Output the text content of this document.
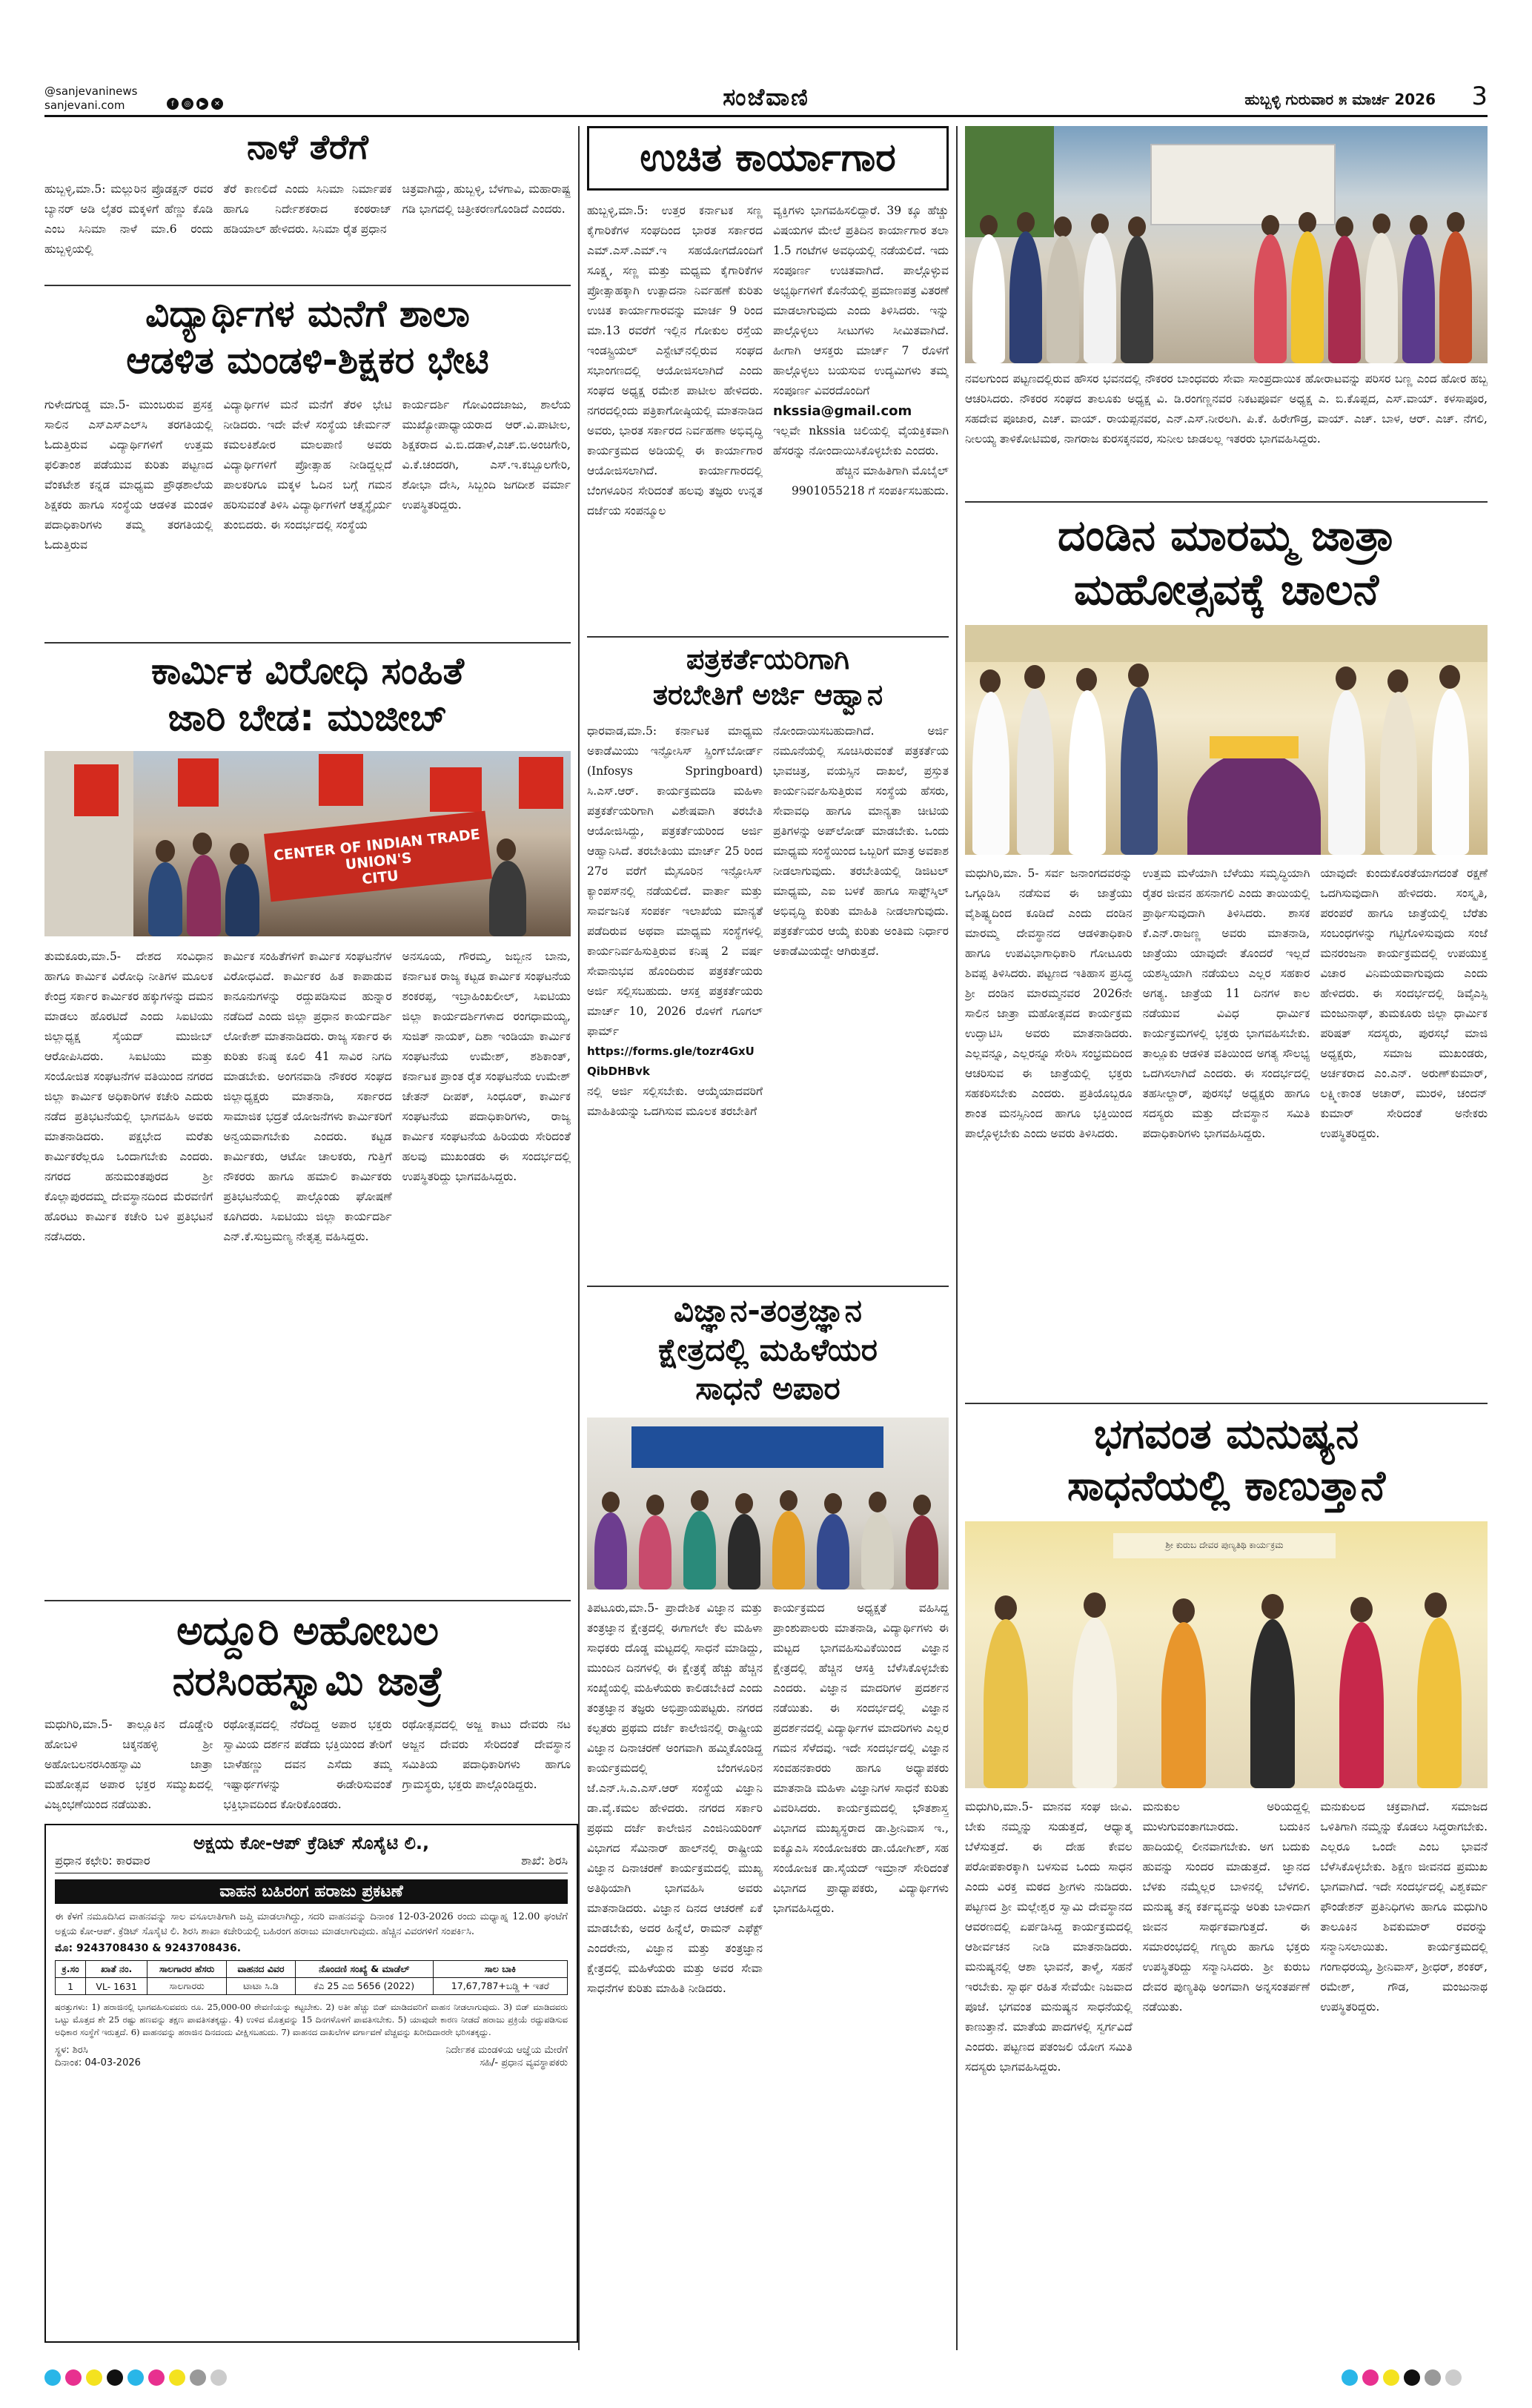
@sanjevaninews
sanjevani.com	f	◎	▶	✕	ಸಂಜೆವಾಣಿ	ಹುಬ್ಬಳ್ಳಿ ಗುರುವಾರ ೫ ಮಾರ್ಚ 2026 3
ನಾಳೆ ತೆರೆಗೆ

ಹುಬ್ಬಳ್ಳಿ,ಮಾ.5: ಮಲ್ಲುರಿನ ಪ್ರೊಡಕ್ಷನ್ ರವರ ಬ್ಯಾನರ್ ಅಡಿ ಲೈತರ ಮಕ್ಕಳಿಗೆ ಹೆಣ್ಣು ಕೊಡಿ ಎಂಬ ಸಿನಿಮಾ ನಾಳೆ ಮಾ.6 ರಂದು ಹುಬ್ಬಳ್ಳಿಯಲ್ಲಿ

ತೆರೆ ಕಾಣಲಿದೆ ಎಂದು ಸಿನಿಮಾ ನಿರ್ಮಾಪಕ ಹಾಗೂ ನಿರ್ದೇಶಕರಾದ ಕಂಠರಾಜ್ ಹಡಿಯಾಲ್ ಹೇಳಿದರು. ಸಿನಿಮಾ ರೈತ ಪ್ರಧಾನ

ಚಿತ್ರವಾಗಿದ್ದು, ಹುಬ್ಬಳ್ಳಿ, ಬೆಳಗಾವಿ, ಮಹಾರಾಷ್ಟ್ರ ಗಡಿ ಭಾಗದಲ್ಲಿ ಚಿತ್ರೀಕರಣಗೊಂಡಿದೆ ಎಂದರು.

ವಿದ್ಯಾರ್ಥಿಗಳ ಮನೆಗೆ ಶಾಲಾ
ಆಡಳಿತ ಮಂಡಳಿ-ಶಿಕ್ಷಕರ ಭೇಟಿ

ಗುಳೇದಗುಡ್ಡ ಮಾ.5- ಮುಂಬರುವ ಪ್ರಸಕ್ತ ಸಾಲಿನ ಎಸ್‌ಎಸ್‌ಎಲ್‌ಸಿ ತರಗತಿಯಲ್ಲಿ ಓದುತ್ತಿರುವ ವಿದ್ಯಾರ್ಥಿಗಳಿಗೆ ಉತ್ತಮ ಫಲಿತಾಂಶ ಪಡೆಯುವ ಕುರಿತು ಪಟ್ಟಣದ ವೆಂಕಟೇಶ ಕನ್ನಡ ಮಾಧ್ಯಮ ಪ್ರೌಢಶಾಲೆಯ ಶಿಕ್ಷಕರು ಹಾಗೂ ಸಂಸ್ಥೆಯ ಆಡಳಿತ ಮಂಡಳಿ ಪದಾಧಿಕಾರಿಗಳು ತಮ್ಮ ತರಗತಿಯಲ್ಲಿ ಓದುತ್ತಿರುವ

ವಿದ್ಯಾರ್ಥಿಗಳ ಮನೆ ಮನೆಗೆ ತೆರಳಿ ಭೇಟಿ ನೀಡಿದರು. ಇದೇ ವೇಳೆ ಸಂಸ್ಥೆಯ ಚೇರ್ಮನ್ ಕಮಲಕಿಶೋರ ಮಾಲಪಾಣಿ ಅವರು ವಿದ್ಯಾರ್ಥಿಗಳಿಗೆ ಪ್ರೋತ್ಸಾಹ ನೀಡಿದ್ದಲ್ಲದೆ ಪಾಲಕರಿಗೂ ಮಕ್ಕಳ ಓದಿನ ಬಗ್ಗೆ ಗಮನ ಹರಿಸುವಂತೆ ತಿಳಿಸಿ ವಿದ್ಯಾರ್ಥಿಗಳಿಗೆ ಆತ್ಮಸ್ಥೈರ್ಯ ತುಂಬಿದರು. ಈ ಸಂದರ್ಭದಲ್ಲಿ ಸಂಸ್ಥೆಯ

ಕಾರ್ಯದರ್ಶಿ ಗೋವಿಂದಜಾಜು, ಶಾಲೆಯ ಮುಖ್ಯೋಪಾಧ್ಯಾಯರಾದ ಆರ್.ವಿ.ಪಾಟೀಲ, ಶಿಕ್ಷಕರಾದ ವಿ.ಬಿ.ದಡಾಳೆ,ಎಚ್.ಬಿ.ಅಂಚಿಗೇರಿ, ವಿ.ಕೆ.ಚಂದರಗಿ, ಎಸ್.ಇ.ಕಬ್ಬೂಲಗೇರಿ, ಶೋಭಾ ದೇಸಿ, ಸಿಬ್ಬಂದಿ ಜಗದೀಶ ವರ್ಮಾ ಉಪಸ್ಥಿತರಿದ್ದರು.

ಕಾರ್ಮಿಕ ವಿರೋಧಿ ಸಂಹಿತೆ
ಜಾರಿ ಬೇಡ: ಮುಜೀಬ್
CENTER OF INDIAN TRADE UNION'S
CITU

ತುಮಕೂರು,ಮಾ.5- ದೇಶದ ಸಂವಿಧಾನ ಹಾಗೂ ಕಾರ್ಮಿಕ ವಿರೋಧಿ ನೀತಿಗಳ ಮೂಲಕ ಕೇಂದ್ರ ಸರ್ಕಾರ ಕಾರ್ಮಿಕರ ಹಕ್ಕುಗಳನ್ನು ದಮನ ಮಾಡಲು ಹೊರಟಿದೆ ಎಂದು ಸಿಐಟಿಯು ಜಿಲ್ಲಾಧ್ಯಕ್ಷ ಸೈಯದ್ ಮುಜೀಬ್ ಆರೋಪಿಸಿದರು. ಸಿಐಟಿಯು ಮತ್ತು ಸಂಯೋಜಿತ ಸಂಘಟನೆಗಳ ವತಿಯಿಂದ ನಗರದ ಜಿಲ್ಲಾ ಕಾರ್ಮಿಕ ಅಧಿಕಾರಿಗಳ ಕಚೇರಿ ಎದುರು ನಡೆದ ಪ್ರತಿಭಟನೆಯಲ್ಲಿ ಭಾಗವಹಿಸಿ ಅವರು ಮಾತನಾಡಿದರು. ಪಕ್ಷಭೇದ ಮರೆತು ಕಾರ್ಮಿಕರೆಲ್ಲರೂ ಒಂದಾಗಬೇಕು ಎಂದರು. ನಗರದ ಹನುಮಂತಪುರದ ಶ್ರೀ ಕೊಲ್ಲಾಪುರದಮ್ಮ ದೇವಸ್ಥಾನದಿಂದ ಮೆರವಣಿಗೆ ಹೊರಟು ಕಾರ್ಮಿಕ ಕಚೇರಿ ಬಳಿ ಪ್ರತಿಭಟನೆ ನಡೆಸಿದರು.

ಕಾರ್ಮಿಕ ಸಂಹಿತೆಗಳಿಗೆ ಕಾರ್ಮಿಕ ಸಂಘಟನೆಗಳ ವಿರೋಧವಿದೆ. ಕಾರ್ಮಿಕರ ಹಿತ ಕಾಪಾಡುವ ಕಾನೂನುಗಳನ್ನು ರದ್ದುಪಡಿಸುವ ಹುನ್ನಾರ ನಡೆದಿದೆ ಎಂದು ಜಿಲ್ಲಾ ಪ್ರಧಾನ ಕಾರ್ಯದರ್ಶಿ ಲೋಕೇಶ್ ಮಾತನಾಡಿದರು. ರಾಜ್ಯ ಸರ್ಕಾರ ಈ ಕುರಿತು ಕನಿಷ್ಠ ಕೂಲಿ 41 ಸಾವಿರ ನಿಗದಿ ಮಾಡಬೇಕು. ಅಂಗನವಾಡಿ ನೌಕರರ ಸಂಘದ ಜಿಲ್ಲಾಧ್ಯಕ್ಷರು ಮಾತನಾಡಿ, ಸರ್ಕಾರದ ಸಾಮಾಜಿಕ ಭದ್ರತೆ ಯೋಜನೆಗಳು ಕಾರ್ಮಿಕರಿಗೆ ಅನ್ವಯವಾಗಬೇಕು ಎಂದರು. ಕಟ್ಟಡ ಕಾರ್ಮಿಕರು, ಆಟೋ ಚಾಲಕರು, ಗುತ್ತಿಗೆ ನೌಕರರು ಹಾಗೂ ಹಮಾಲಿ ಕಾರ್ಮಿಕರು ಪ್ರತಿಭಟನೆಯಲ್ಲಿ ಪಾಲ್ಗೊಂಡು ಘೋಷಣೆ ಕೂಗಿದರು. ಸಿಐಟಿಯು ಜಿಲ್ಲಾ ಕಾರ್ಯದರ್ಶಿ ಎನ್.ಕೆ.ಸುಬ್ರಮಣ್ಯ ನೇತೃತ್ವ ವಹಿಸಿದ್ದರು.

ಅನಸೂಯ, ಗೌರಮ್ಮ, ಜಬ್ಬೀನ ಬಾನು, ಕರ್ನಾಟಕ ರಾಜ್ಯ ಕಟ್ಟಡ ಕಾರ್ಮಿಕ ಸಂಘಟನೆಯ ಶಂಕರಪ್ಪ, ಇಬ್ರಾಹಿಂಖಲೀಲ್, ಸಿಐಟಿಯು ಜಿಲ್ಲಾ ಕಾರ್ಯದರ್ಶಿಗಳಾದ ರಂಗಧಾಮಯ್ಯ, ಸುಜಿತ್ ನಾಯಕ್, ದಿಶಾ ಇಂಡಿಯಾ ಕಾರ್ಮಿಕ ಸಂಘಟನೆಯ ಉಮೇಶ್, ಶಶಿಕಾಂತ್, ಕರ್ನಾಟಕ ಪ್ರಾಂತ ರೈತ ಸಂಘಟನೆಯ ಉಮೇಶ್ ಚೇತನ್ ದೀಪಕ್, ಸಿಂಧೂರ್, ಕಾರ್ಮಿಕ ಸಂಘಟನೆಯ ಪದಾಧಿಕಾರಿಗಳು, ರಾಜ್ಯ ಕಾರ್ಮಿಕ ಸಂಘಟನೆಯ ಹಿರಿಯರು ಸೇರಿದಂತೆ ಹಲವು ಮುಖಂಡರು ಈ ಸಂದರ್ಭದಲ್ಲಿ ಉಪಸ್ಥಿತರಿದ್ದು ಭಾಗವಹಿಸಿದ್ದರು.

ಅದ್ದೂರಿ ಅಹೋಬಲ
ನರಸಿಂಹಸ್ವಾಮಿ ಜಾತ್ರೆ

ಮಧುಗಿರಿ,ಮಾ.5- ತಾಲ್ಲೂಕಿನ ದೊಡ್ಡೇರಿ ಹೋಬಳಿ ಚಿಕ್ಕನಹಳ್ಳಿ ಶ್ರೀ ಅಹೋಬಲನರಸಿಂಹಸ್ವಾಮಿ ಜಾತ್ರಾ ಮಹೋತ್ಸವ ಅಪಾರ ಭಕ್ತರ ಸಮ್ಮುಖದಲ್ಲಿ ವಿಜೃಂಭಣೆಯಿಂದ ನಡೆಯಿತು.

ರಥೋತ್ಸವದಲ್ಲಿ ನೆರೆದಿದ್ದ ಅಪಾರ ಭಕ್ತರು ಸ್ವಾಮಿಯ ದರ್ಶನ ಪಡೆದು ಭಕ್ತಿಯಿಂದ ತೇರಿಗೆ ಬಾಳೆಹಣ್ಣು ದವನ ಎಸೆದು ತಮ್ಮ ಇಷ್ಟಾರ್ಥಗಳನ್ನು ಈಡೇರಿಸುವಂತೆ ಭಕ್ತಿಭಾವದಿಂದ ಕೋರಿಕೊಂಡರು.

ರಥೋತ್ಸವದಲ್ಲಿ ಅಜ್ಜ ಕಾಟು ದೇವರು ನಟ ಅಜ್ಜನ ದೇವರು ಸೇರಿದಂತೆ ದೇವಸ್ಥಾನ ಸಮಿತಿಯ ಪದಾಧಿಕಾರಿಗಳು ಹಾಗೂ ಗ್ರಾಮಸ್ಥರು, ಭಕ್ತರು ಪಾಲ್ಗೊಂಡಿದ್ದರು.

ಅಕ್ಷಯ ಕೋ-ಆಪ್ ಕ್ರೆಡಿಟ್ ಸೊಸೈಟಿ ಲಿ.,
ಪ್ರಧಾನ ಕಛೇರಿ: ಕಾರವಾರ	ಶಾಖೆ: ಶಿರಸಿ
ವಾಹನ ಬಹಿರಂಗ ಹರಾಜು ಪ್ರಕಟಣೆ
ಈ ಕೆಳಗೆ ನಮೂದಿಸಿದ ವಾಹನವನ್ನು ಸಾಲ ವಸೂಲಾತಿಗಾಗಿ ಜಪ್ತಿ ಮಾಡಲಾಗಿದ್ದು, ಸದರಿ ವಾಹನವನ್ನು ದಿನಾಂಕ 12-03-2026 ರಂದು ಮಧ್ಯಾಹ್ನ 12.00 ಘಂಟೆಗೆ ಅಕ್ಷಯ ಕೋ-ಆಪ್. ಕ್ರೆಡಿಟ್ ಸೊಸೈಟಿ ಲಿ. ಶಿರಸಿ ಶಾಖಾ ಕಚೇರಿಯಲ್ಲಿ ಬಹಿರಂಗ ಹರಾಜು ಮಾಡಲಾಗುವುದು. ಹೆಚ್ಚಿನ ವಿವರಗಳಿಗೆ ಸಂಪರ್ಕಿಸಿ.
ಮೊ: 9243708430 & 9243708436.
ಕ್ರ.ಸಂ	ಖಾತೆ ನಂ.	ಸಾಲಗಾರರ ಹೆಸರು	ವಾಹನದ ವಿವರ	ನೊಂದಣಿ ಸಂಖ್ಯೆ & ಮಾಡೆಲ್	ಸಾಲ ಬಾಕಿ
1	VL- 1631	ಸಾಲಗಾರರು	ಟಾಟಾ ಸಿ.ಡಿ	ಕೆಎ 25 ಎಬಿ 5656 (2022)	17,67,787+ಬಡ್ಡಿ + ಇತರೆ
ಷರತ್ತುಗಳು: 1) ಹರಾಜಿನಲ್ಲಿ ಭಾಗವಹಿಸುವವರು ರೂ. 25,000-00 ಠೇವಣಿಯನ್ನು ಕಟ್ಟಬೇಕು. 2) ಅತೀ ಹೆಚ್ಚು ಬಿಡ್ ಮಾಡಿದವರಿಗೆ ವಾಹನ ನೀಡಲಾಗುವುದು. 3) ಬಿಡ್ ಮಾಡಿದವರು ಒಟ್ಟು ಮೊತ್ತದ ಶೇ 25 ರಷ್ಟು ಹಣವನ್ನು ತಕ್ಷಣ ಪಾವತಿಸತಕ್ಕದ್ದು. 4) ಉಳಿದ ಮೊತ್ತವನ್ನು 15 ದಿನಗಳೊಳಗೆ ಪಾವತಿಸಬೇಕು. 5) ಯಾವುದೇ ಕಾರಣ ನೀಡದೆ ಹರಾಜು ಪ್ರಕ್ರಿಯೆ ರದ್ದುಪಡಿಸುವ ಅಧಿಕಾರ ಸಂಸ್ಥೆಗೆ ಇರುತ್ತದೆ. 6) ವಾಹನವನ್ನು ಹರಾಜಿನ ದಿನದಂದು ವೀಕ್ಷಿಸಬಹುದು. 7) ವಾಹನದ ದಾಖಲೆಗಳ ವರ್ಗಾವಣೆ ವೆಚ್ಚವನ್ನು ಖರೀದಿದಾರರೇ ಭರಿಸತಕ್ಕದ್ದು.
ಸ್ಥಳ: ಶಿರಸಿ	ನಿರ್ದೇಶಕ ಮಂಡಳಿಯ ಆಜ್ಞೆಯ ಮೇರೆಗೆ
ದಿನಾಂಕ: 04-03-2026	ಸಹಿ/- ಪ್ರಧಾನ ವ್ಯವಸ್ಥಾಪಕರು
ಉಚಿತ ಕಾರ್ಯಾಗಾರ

ಹುಬ್ಬಳ್ಳಿ,ಮಾ.5: ಉತ್ತರ ಕರ್ನಾಟಕ ಸಣ್ಣ ಕೈಗಾರಿಕೆಗಳ ಸಂಘದಿಂದ ಭಾರತ ಸರ್ಕಾರದ ಎಮ್.ಎಸ್.ಎಮ್.ಇ ಸಹಯೋಗದೊಂದಿಗೆ ಸೂಕ್ಷ್ಮ, ಸಣ್ಣ ಮತ್ತು ಮಧ್ಯಮ ಕೈಗಾರಿಕೆಗಳ ಪ್ರೋತ್ಸಾಹಕ್ಕಾಗಿ ಉತ್ಪಾದನಾ ನಿರ್ವಹಣೆ ಕುರಿತು ಉಚಿತ ಕಾರ್ಯಾಗಾರವನ್ನು ಮಾರ್ಚ 9 ರಿಂದ ಮಾ.13 ರವರೆಗೆ ಇಲ್ಲಿನ ಗೋಕುಲ ರಸ್ತೆಯ ಇಂಡಸ್ಟ್ರಿಯಲ್ ಎಸ್ಟೇಟ್‌ನಲ್ಲಿರುವ ಸಂಘದ ಸಭಾಂಗಣದಲ್ಲಿ ಆಯೋಜಿಸಲಾಗಿದೆ ಎಂದು ಸಂಘದ ಅಧ್ಯಕ್ಷ ರಮೇಶ ಪಾಟೀಲ ಹೇಳಿದರು. ನಗರದಲ್ಲಿಂದು ಪತ್ರಿಕಾಗೋಷ್ಠಿಯಲ್ಲಿ ಮಾತನಾಡಿದ ಅವರು, ಭಾರತ ಸರ್ಕಾರದ ನಿರ್ವಹಣಾ ಅಭಿವೃದ್ಧಿ ಕಾರ್ಯಕ್ರಮದ ಅಡಿಯಲ್ಲಿ ಈ ಕಾರ್ಯಾಗಾರ ಆಯೋಜಿಸಲಾಗಿದೆ. ಕಾರ್ಯಾಗಾರದಲ್ಲಿ ಬೆಂಗಳೂರಿನ ಸೇರಿದಂತೆ ಹಲವು ತಜ್ಞರು ಉನ್ನತ ದರ್ಜೆಯ ಸಂಪನ್ಮೂಲ

ವ್ಯಕ್ತಿಗಳು ಭಾಗವಹಿಸಲಿದ್ದಾರೆ. 39 ಕ್ಕೂ ಹೆಚ್ಚು ವಿಷಯಗಳ ಮೇಲೆ ಪ್ರತಿದಿನ ಕಾರ್ಯಾಗಾರ ತಲಾ 1.5 ಗಂಟೆಗಳ ಅವಧಿಯಲ್ಲಿ ನಡೆಯಲಿದೆ. ಇದು ಸಂಪೂರ್ಣ ಉಚಿತವಾಗಿದೆ. ಪಾಲ್ಗೊಳ್ಳುವ ಅಭ್ಯರ್ಥಿಗಳಿಗೆ ಕೊನೆಯಲ್ಲಿ ಪ್ರಮಾಣಪತ್ರ ವಿತರಣೆ ಮಾಡಲಾಗುವುದು ಎಂದು ತಿಳಿಸಿದರು. ಇನ್ನು ಪಾಲ್ಗೊಳ್ಳಲು ಸೀಟುಗಳು ಸೀಮಿತವಾಗಿದೆ. ಹೀಗಾಗಿ ಆಸಕ್ತರು ಮಾರ್ಚ್ 7 ರೊಳಗೆ ಹಾಲ್ಗೊಳ್ಳಲು ಬಯಸುವ ಉದ್ಯಮಿಗಳು ತಮ್ಮ ಸಂಪೂರ್ಣ ವಿವರದೊಂದಿಗೆ
nkssia@gmail.com
ಇಲ್ಲವೇ nkssia ಚಿಲಿಯಲ್ಲಿ ವೈಯಕ್ತಿಕವಾಗಿ ಹೆಸರನ್ನು ನೋಂದಾಯಿಸಿಕೊಳ್ಳಬೇಕು ಎಂದರು.
ಹೆಚ್ಚಿನ ಮಾಹಿತಿಗಾಗಿ ಮೊಬೈಲ್ 9901055218 ಗೆ ಸಂಪರ್ಕಿಸಬಹುದು.
ಪತ್ರಕರ್ತೆಯರಿಗಾಗಿ
ತರಬೇತಿಗೆ ಅರ್ಜಿ ಆಹ್ವಾನ
ಧಾರವಾಡ,ಮಾ.5: ಕರ್ನಾಟಕ ಮಾಧ್ಯಮ ಅಕಾಡೆಮಿಯು ಇನ್ಫೋಸಿಸ್ ಸ್ಪ್ರಿಂಗ್‌ಬೋರ್ಡ್ (Infosys Springboard) ಸಿ.ಎಸ್.ಆರ್. ಕಾರ್ಯಕ್ರಮದಡಿ ಮಹಿಳಾ ಪತ್ರಕರ್ತೆಯರಿಗಾಗಿ ವಿಶೇಷವಾಗಿ ತರಬೇತಿ ಆಯೋಜಿಸಿದ್ದು, ಪತ್ರಕರ್ತೆಯರಿಂದ ಅರ್ಜಿ ಆಹ್ವಾನಿಸಿದೆ. ತರಬೇತಿಯು ಮಾರ್ಚ್ 25 ರಿಂದ 27ರ ವರೆಗೆ ಮೈಸೂರಿನ ಇನ್ಫೋಸಿಸ್ ಕ್ಯಾಂಪಸ್‌ನಲ್ಲಿ ನಡೆಯಲಿದೆ. ವಾರ್ತಾ ಮತ್ತು ಸಾರ್ವಜನಿಕ ಸಂಪರ್ಕ ಇಲಾಖೆಯ ಮಾನ್ಯತೆ ಪಡೆದಿರುವ ಅಥವಾ ಮಾಧ್ಯಮ ಸಂಸ್ಥೆಗಳಲ್ಲಿ ಕಾರ್ಯನಿರ್ವಹಿಸುತ್ತಿರುವ ಕನಿಷ್ಠ 2 ವರ್ಷ ಸೇವಾನುಭವ ಹೊಂದಿರುವ ಪತ್ರಕರ್ತೆಯರು ಅರ್ಜಿ ಸಲ್ಲಿಸಬಹುದು. ಆಸಕ್ತ ಪತ್ರಕರ್ತೆಯರು ಮಾರ್ಚ್ 10, 2026 ರೊಳಗೆ ಗೂಗಲ್ ಫಾರ್ಮ್
https://forms.gle/tozr4GxUQibDHBvk
ನಲ್ಲಿ ಅರ್ಜಿ ಸಲ್ಲಿಸಬೇಕು. ಆಯ್ಕೆಯಾದವರಿಗೆ ಮಾಹಿತಿಯನ್ನು ಒದಗಿಸುವ ಮೂಲಕ ತರಬೇತಿಗೆ

ನೋಂದಾಯಿಸಬಹುದಾಗಿದೆ. ಅರ್ಜಿ ನಮೂನೆಯಲ್ಲಿ ಸೂಚಿಸಿರುವಂತೆ ಪತ್ರಕರ್ತೆಯ ಭಾವಚಿತ್ರ, ವಯಸ್ಸಿನ ದಾಖಲೆ, ಪ್ರಸ್ತುತ ಕಾರ್ಯನಿರ್ವಹಿಸುತ್ತಿರುವ ಸಂಸ್ಥೆಯ ಹೆಸರು, ಸೇವಾವಧಿ ಹಾಗೂ ಮಾನ್ಯತಾ ಚೀಟಿಯ ಪ್ರತಿಗಳನ್ನು ಅಪ್‌ಲೋಡ್ ಮಾಡಬೇಕು. ಒಂದು ಮಾಧ್ಯಮ ಸಂಸ್ಥೆಯಿಂದ ಒಬ್ಬರಿಗೆ ಮಾತ್ರ ಅವಕಾಶ ನೀಡಲಾಗುವುದು. ತರಬೇತಿಯಲ್ಲಿ ಡಿಜಿಟಲ್ ಮಾಧ್ಯಮ, ಎಐ ಬಳಕೆ ಹಾಗೂ ಸಾಫ್ಟ್‌ಸ್ಕಿಲ್ ಅಭಿವೃದ್ಧಿ ಕುರಿತು ಮಾಹಿತಿ ನೀಡಲಾಗುವುದು. ಪತ್ರಕರ್ತೆಯರ ಆಯ್ಕೆ ಕುರಿತು ಅಂತಿಮ ನಿರ್ಧಾರ ಅಕಾಡೆಮಿಯದ್ದೇ ಆಗಿರುತ್ತದೆ.

ವಿಜ್ಞಾನ-ತಂತ್ರಜ್ಞಾನ
ಕ್ಷೇತ್ರದಲ್ಲಿ ಮಹಿಳೆಯರ
ಸಾಧನೆ ಅಪಾರ

ತಿಪಟೂರು,ಮಾ.5- ಪ್ರಾದೇಶಿಕ ವಿಜ್ಞಾನ ಮತ್ತು ತಂತ್ರಜ್ಞಾನ ಕ್ಷೇತ್ರದಲ್ಲಿ ಈಗಾಗಲೇ ಕೆಲ ಮಹಿಳಾ ಸಾಧಕರು ದೊಡ್ಡ ಮಟ್ಟದಲ್ಲಿ ಸಾಧನೆ ಮಾಡಿದ್ದು, ಮುಂದಿನ ದಿನಗಳಲ್ಲಿ ಈ ಕ್ಷೇತ್ರಕ್ಕೆ ಹೆಚ್ಚು ಹೆಚ್ಚಿನ ಸಂಖ್ಯೆಯಲ್ಲಿ ಮಹಿಳೆಯರು ಕಾಲಿಡಬೇಕಿದೆ ಎಂದು ತಂತ್ರಜ್ಞಾನ ತಜ್ಞರು ಅಭಿಪ್ರಾಯಪಟ್ಟರು. ನಗರದ ಕಲ್ಪತರು ಪ್ರಥಮ ದರ್ಜೆ ಕಾಲೇಜಿನಲ್ಲಿ ರಾಷ್ಟ್ರೀಯ ವಿಜ್ಞಾನ ದಿನಾಚರಣೆ ಅಂಗವಾಗಿ ಹಮ್ಮಿಕೊಂಡಿದ್ದ ಕಾರ್ಯಕ್ರಮದಲ್ಲಿ ಬೆಂಗಳೂರಿನ ಜೆ.ಎನ್.ಸಿ.ಎ.ಎಸ್.ಆರ್ ಸಂಸ್ಥೆಯ ವಿಜ್ಞಾನಿ ಡಾ.ವೈ.ಕಮಲ ಹೇಳಿದರು. ನಗರದ ಸರ್ಕಾರಿ ಪ್ರಥಮ ದರ್ಜೆ ಕಾಲೇಜಿನ ಎಂಜಿನಿಯರಿಂಗ್ ವಿಭಾಗದ ಸೆಮಿನಾರ್ ಹಾಲ್‌ನಲ್ಲಿ ರಾಷ್ಟ್ರೀಯ ವಿಜ್ಞಾನ ದಿನಾಚರಣೆ ಕಾರ್ಯಕ್ರಮದಲ್ಲಿ ಮುಖ್ಯ ಅತಿಥಿಯಾಗಿ ಭಾಗವಹಿಸಿ ಅವರು ಮಾತನಾಡಿದರು. ವಿಜ್ಞಾನ ದಿನದ ಆಚರಣೆ ಏಕೆ ಮಾಡಬೇಕು, ಅದರ ಹಿನ್ನೆಲೆ, ರಾಮನ್ ಎಫೆಕ್ಟ್ ಎಂದರೇನು, ವಿಜ್ಞಾನ ಮತ್ತು ತಂತ್ರಜ್ಞಾನ ಕ್ಷೇತ್ರದಲ್ಲಿ ಮಹಿಳೆಯರು ಮತ್ತು ಅವರ ಸೇವಾ ಸಾಧನೆಗಳ ಕುರಿತು ಮಾಹಿತಿ ನೀಡಿದರು.

ಕಾರ್ಯಕ್ರಮದ ಅಧ್ಯಕ್ಷತೆ ವಹಿಸಿದ್ದ ಪ್ರಾಂಶುಪಾಲರು ಮಾತನಾಡಿ, ವಿದ್ಯಾರ್ಥಿಗಳು ಈ ಮಟ್ಟದ ಭಾಗವಹಿಸುವಿಕೆಯಿಂದ ವಿಜ್ಞಾನ ಕ್ಷೇತ್ರದಲ್ಲಿ ಹೆಚ್ಚಿನ ಆಸಕ್ತಿ ಬೆಳೆಸಿಕೊಳ್ಳಬೇಕು ಎಂದರು. ವಿಜ್ಞಾನ ಮಾದರಿಗಳ ಪ್ರದರ್ಶನ ನಡೆಯಿತು. ಈ ಸಂದರ್ಭದಲ್ಲಿ ವಿಜ್ಞಾನ ಪ್ರದರ್ಶನದಲ್ಲಿ ವಿದ್ಯಾರ್ಥಿಗಳ ಮಾದರಿಗಳು ಎಲ್ಲರ ಗಮನ ಸೆಳೆದವು. ಇದೇ ಸಂದರ್ಭದಲ್ಲಿ ವಿಜ್ಞಾನ ಸಂವಹನಕಾರರು ಹಾಗೂ ಅಧ್ಯಾಪಕರು ಮಾತನಾಡಿ ಮಹಿಳಾ ವಿಜ್ಞಾನಿಗಳ ಸಾಧನೆ ಕುರಿತು ವಿವರಿಸಿದರು. ಕಾರ್ಯಕ್ರಮದಲ್ಲಿ ಭೌತಶಾಸ್ತ್ರ ವಿಭಾಗದ ಮುಖ್ಯಸ್ಥರಾದ ಡಾ.ಶ್ರೀನಿವಾಸ ಇ., ಐಕ್ಯೂಎಸಿ ಸಂಯೋಜಕರು ಡಾ.ಯೋಗೀಶ್, ಸಹ ಸಂಯೋಜಕ ಡಾ.ಸೈಯದ್ ಇಮ್ರಾನ್ ಸೇರಿದಂತೆ ವಿಭಾಗದ ಪ್ರಾಧ್ಯಾಪಕರು, ವಿದ್ಯಾರ್ಥಿಗಳು ಭಾಗವಹಿಸಿದ್ದರು.

ನವಲಗುಂದ ಪಟ್ಟಣದಲ್ಲಿರುವ ಹೌಸರ ಭವನದಲ್ಲಿ ನೌಕರರ ಬಾಂಧವರು ಸೇವಾ ಸಾಂಪ್ರದಾಯಿಕ ಹೋರಾಟವನ್ನು ಪರಿಸರ ಬಣ್ಣ ಎಂದ ಹೋರ ಹಬ್ಬ ಆಚರಿಸಿದರು. ನೌಕರರ ಸಂಘದ ತಾಲೂಕು ಅಧ್ಯಕ್ಷ ವಿ. ಡಿ.ರಂಗಣ್ಣನವರ ನಿಕಟಪೂರ್ವ ಅಧ್ಯಕ್ಷ ಎ. ಬಿ.ಕೊಪ್ಪದ, ಎಸ್.ವಾಯ್. ಕಳಸಾಪೂರ, ಸಹದೇವ ಪೂಜಾರ, ಎಚ್. ವಾಯ್. ರಾಯಪ್ಪನವರ, ಎನ್.ಎಸ್.ನೀರಲಗಿ. ಪಿ.ಕೆ. ಹಿರೇಗೌಡ್ರ, ವಾಯ್. ಎಚ್. ಬಾಳ, ಆರ್. ಎಚ್. ನೆಗಲಿ, ನೀಲಯ್ಯ ತಾಳಿಕೋಟಿಮಠ, ನಾಗರಾಜ ಕುರಸಕ್ಕನವರ, ಸುನೀಲ ಜಾಡಲಲ್ಲ ಇತರರು ಭಾಗವಹಿಸಿದ್ದರು.
ದಂಡಿನ ಮಾರಮ್ಮ ಜಾತ್ರಾ
ಮಹೋತ್ಸವಕ್ಕೆ ಚಾಲನೆ

ಮಧುಗಿರಿ,ಮಾ. 5- ಸರ್ವ ಜನಾಂಗದವರನ್ನು ಒಗ್ಗೂಡಿಸಿ ನಡೆಸುವ ಈ ಜಾತ್ರೆಯು ವೈಶಿಷ್ಟ್ಯದಿಂದ ಕೂಡಿದೆ ಎಂದು ದಂಡಿನ ಮಾರಮ್ಮ ದೇವಸ್ಥಾನದ ಆಡಳಿತಾಧಿಕಾರಿ ಹಾಗೂ ಉಪವಿಭಾಗಾಧಿಕಾರಿ ಗೋಟೂರು ಶಿವಪ್ಪ ತಿಳಿಸಿದರು. ಪಟ್ಟಣದ ಇತಿಹಾಸ ಪ್ರಸಿದ್ಧ ಶ್ರೀ ದಂಡಿನ ಮಾರಮ್ಮನವರ 2026ನೇ ಸಾಲಿನ ಜಾತ್ರಾ ಮಹೋತ್ಸವದ ಕಾರ್ಯಕ್ರಮ ಉದ್ಘಾಟಿಸಿ ಅವರು ಮಾತನಾಡಿದರು. ಎಲ್ಲವನ್ನೂ, ಎಲ್ಲರನ್ನೂ ಸೇರಿಸಿ ಸಂಭ್ರಮದಿಂದ ಆಚರಿಸುವ ಈ ಜಾತ್ರೆಯಲ್ಲಿ ಭಕ್ತರು ಸಹಕರಿಸಬೇಕು ಎಂದರು. ಪ್ರತಿಯೊಬ್ಬರೂ ಶಾಂತ ಮನಸ್ಸಿನಿಂದ ಹಾಗೂ ಭಕ್ತಿಯಿಂದ ಪಾಲ್ಗೊಳ್ಳಬೇಕು ಎಂದು ಅವರು ತಿಳಿಸಿದರು.

ಉತ್ತಮ ಮಳೆಯಾಗಿ ಬೆಳೆಯು ಸಮೃದ್ಧಿಯಾಗಿ ರೈತರ ಜೀವನ ಹಸನಾಗಲಿ ಎಂದು ತಾಯಿಯಲ್ಲಿ ಪ್ರಾರ್ಥಿಸುವುದಾಗಿ ತಿಳಿಸಿದರು. ಶಾಸಕ ಕೆ.ಎನ್.ರಾಜಣ್ಣ ಅವರು ಮಾತನಾಡಿ, ಜಾತ್ರೆಯು ಯಾವುದೇ ತೊಂದರೆ ಇಲ್ಲದೆ ಯಶಸ್ವಿಯಾಗಿ ನಡೆಯಲು ಎಲ್ಲರ ಸಹಕಾರ ಅಗತ್ಯ. ಜಾತ್ರೆಯ 11 ದಿನಗಳ ಕಾಲ ನಡೆಯುವ ವಿವಿಧ ಧಾರ್ಮಿಕ ಕಾರ್ಯಕ್ರಮಗಳಲ್ಲಿ ಭಕ್ತರು ಭಾಗವಹಿಸಬೇಕು. ತಾಲ್ಲೂಕು ಆಡಳಿತ ವತಿಯಿಂದ ಅಗತ್ಯ ಸೌಲಭ್ಯ ಒದಗಿಸಲಾಗಿದೆ ಎಂದರು. ಈ ಸಂದರ್ಭದಲ್ಲಿ ತಹಸೀಲ್ದಾರ್, ಪುರಸಭೆ ಅಧ್ಯಕ್ಷರು ಹಾಗೂ ಸದಸ್ಯರು ಮತ್ತು ದೇವಸ್ಥಾನ ಸಮಿತಿ ಪದಾಧಿಕಾರಿಗಳು ಭಾಗವಹಿಸಿದ್ದರು.

ಯಾವುದೇ ಕುಂದುಕೊರತೆಯಾಗದಂತೆ ರಕ್ಷಣೆ ಒದಗಿಸುವುದಾಗಿ ಹೇಳಿದರು. ಸಂಸ್ಕೃತಿ, ಪರಂಪರೆ ಹಾಗೂ ಜಾತ್ರೆಯಲ್ಲಿ ಬೆರೆತು ಸಂಬಂಧಗಳನ್ನು ಗಟ್ಟಿಗೊಳಿಸುವುದು ಸಂಜೆ ಮನರಂಜನಾ ಕಾರ್ಯಕ್ರಮದಲ್ಲಿ ಉಪಯುಕ್ತ ವಿಚಾರ ವಿನಿಮಯವಾಗುವುದು ಎಂದು ಹೇಳಿದರು. ಈ ಸಂದರ್ಭದಲ್ಲಿ ಡಿವೈಎಸ್ಪಿ ಮಂಜುನಾಥ್, ತುಮಕೂರು ಜಿಲ್ಲಾ ಧಾರ್ಮಿಕ ಪರಿಷತ್ ಸದಸ್ಯರು, ಪುರಸಭೆ ಮಾಜಿ ಅಧ್ಯಕ್ಷರು, ಸಮಾಜ ಮುಖಂಡರು, ಅರ್ಚಕರಾದ ಎಂ.ಎನ್. ಅರುಣ್‌ಕುಮಾರ್, ಲಕ್ಷ್ಮೀಕಾಂತ ಅಚಾರ್, ಮುರಳಿ, ಚಂದನ್ ಕುಮಾರ್ ಸೇರಿದಂತೆ ಅನೇಕರು ಉಪಸ್ಥಿತರಿದ್ದರು.

ಭಗವಂತ ಮನುಷ್ಯನ
ಸಾಧನೆಯಲ್ಲಿ ಕಾಣುತ್ತಾನೆ
ಶ್ರೀ ಕುರುಬ ದೇವರ ಪುಣ್ಯತಿಥಿ ಕಾರ್ಯಕ್ರಮ

ಮಧುಗಿರಿ,ಮಾ.5- ಮಾನವ ಸಂಘ ಜೀವಿ. ಬೇಕು ನಮ್ಮನ್ನು ಸುಡುತ್ತದೆ, ಆಧ್ಯಾತ್ಮ ಬೆಳೆಸುತ್ತದೆ. ಈ ದೇಹ ಕೇವಲ ಪರೋಪಕಾರಕ್ಕಾಗಿ ಬಳಸುವ ಒಂದು ಸಾಧನ ಎಂದು ವಿರಕ್ತ ಮಠದ ಶ್ರೀಗಳು ನುಡಿದರು. ಪಟ್ಟಣದ ಶ್ರೀ ಮಲ್ಲೇಶ್ವರ ಸ್ವಾಮಿ ದೇವಸ್ಥಾನದ ಆವರಣದಲ್ಲಿ ಏರ್ಪಡಿಸಿದ್ದ ಕಾರ್ಯಕ್ರಮದಲ್ಲಿ ಆಶೀರ್ವಚನ ನೀಡಿ ಮಾತನಾಡಿದರು. ಮನುಷ್ಯನಲ್ಲಿ ಆಶಾ ಭಾವನೆ, ತಾಳ್ಮೆ, ಸಹನೆ ಇರಬೇಕು. ಸ್ವಾರ್ಥ ರಹಿತ ಸೇವೆಯೇ ನಿಜವಾದ ಪೂಜೆ. ಭಗವಂತ ಮನುಷ್ಯನ ಸಾಧನೆಯಲ್ಲಿ ಕಾಣುತ್ತಾನೆ. ಮಾತೆಯ ಪಾದಗಳಲ್ಲಿ ಸ್ವರ್ಗವಿದೆ ಎಂದರು. ಪಟ್ಟಣದ ಪತಂಜಲಿ ಯೋಗ ಸಮಿತಿ ಸದಸ್ಯರು ಭಾಗವಹಿಸಿದ್ದರು.

ಮನುಕುಲ ಅರಿಯದ್ದಲ್ಲಿ ಮುಳುಗುವಂತಾಗಬಾರದು. ಬದುಕಿನ ಹಾದಿಯಲ್ಲಿ ಲೀನವಾಗಬೇಕು. ಅಗ ಬದುಕು ಹುವನ್ನು ಸುಂದರ ಮಾಡುತ್ತದೆ. ಜ್ಞಾನದ ಬೆಳಕು ನಮ್ಮೆಲ್ಲರ ಬಾಳಿನಲ್ಲಿ ಬೆಳಗಲಿ. ಮನುಷ್ಯ ತನ್ನ ಕರ್ತವ್ಯವನ್ನು ಅರಿತು ಬಾಳಿದಾಗ ಜೀವನ ಸಾರ್ಥಕವಾಗುತ್ತದೆ. ಈ ಸಮಾರಂಭದಲ್ಲಿ ಗಣ್ಯರು ಹಾಗೂ ಭಕ್ತರು ಉಪಸ್ಥಿತರಿದ್ದು ಸನ್ಮಾನಿಸಿದರು. ಶ್ರೀ ಕುರುಬ ದೇವರ ಪುಣ್ಯತಿಥಿ ಅಂಗವಾಗಿ ಅನ್ನಸಂತರ್ಪಣೆ ನಡೆಯಿತು.

ಮನುಕುಲದ ಚಕ್ರವಾಗಿದೆ. ಸಮಾಜದ ಒಳಿತಿಗಾಗಿ ನಮ್ಮನ್ನು ಕೊಡಲು ಸಿದ್ಧರಾಗಬೇಕು. ಎಲ್ಲರೂ ಒಂದೇ ಎಂಬ ಭಾವನೆ ಬೆಳೆಸಿಕೊಳ್ಳಬೇಕು. ಶಿಕ್ಷಣ ಜೀವನದ ಪ್ರಮುಖ ಭಾಗವಾಗಿದೆ. ಇದೇ ಸಂದರ್ಭದಲ್ಲಿ ವಿಶ್ವಕರ್ಮ ಫೌಂಡೇಶನ್ ಪ್ರತಿನಿಧಿಗಳು ಹಾಗೂ ಮಧುಗಿರಿ ತಾಲೂಕಿನ ಶಿವಕುಮಾರ್ ರವರನ್ನು ಸನ್ಮಾನಿಸಲಾಯಿತು. ಕಾರ್ಯಕ್ರಮದಲ್ಲಿ ಗಂಗಾಧರಯ್ಯ, ಶ್ರೀನಿವಾಸ್, ಶ್ರೀಧರ್, ಶಂಕರ್, ರಮೇಶ್, ಗೌಡ, ಮಂಜುನಾಥ ಉಪಸ್ಥಿತರಿದ್ದರು.
